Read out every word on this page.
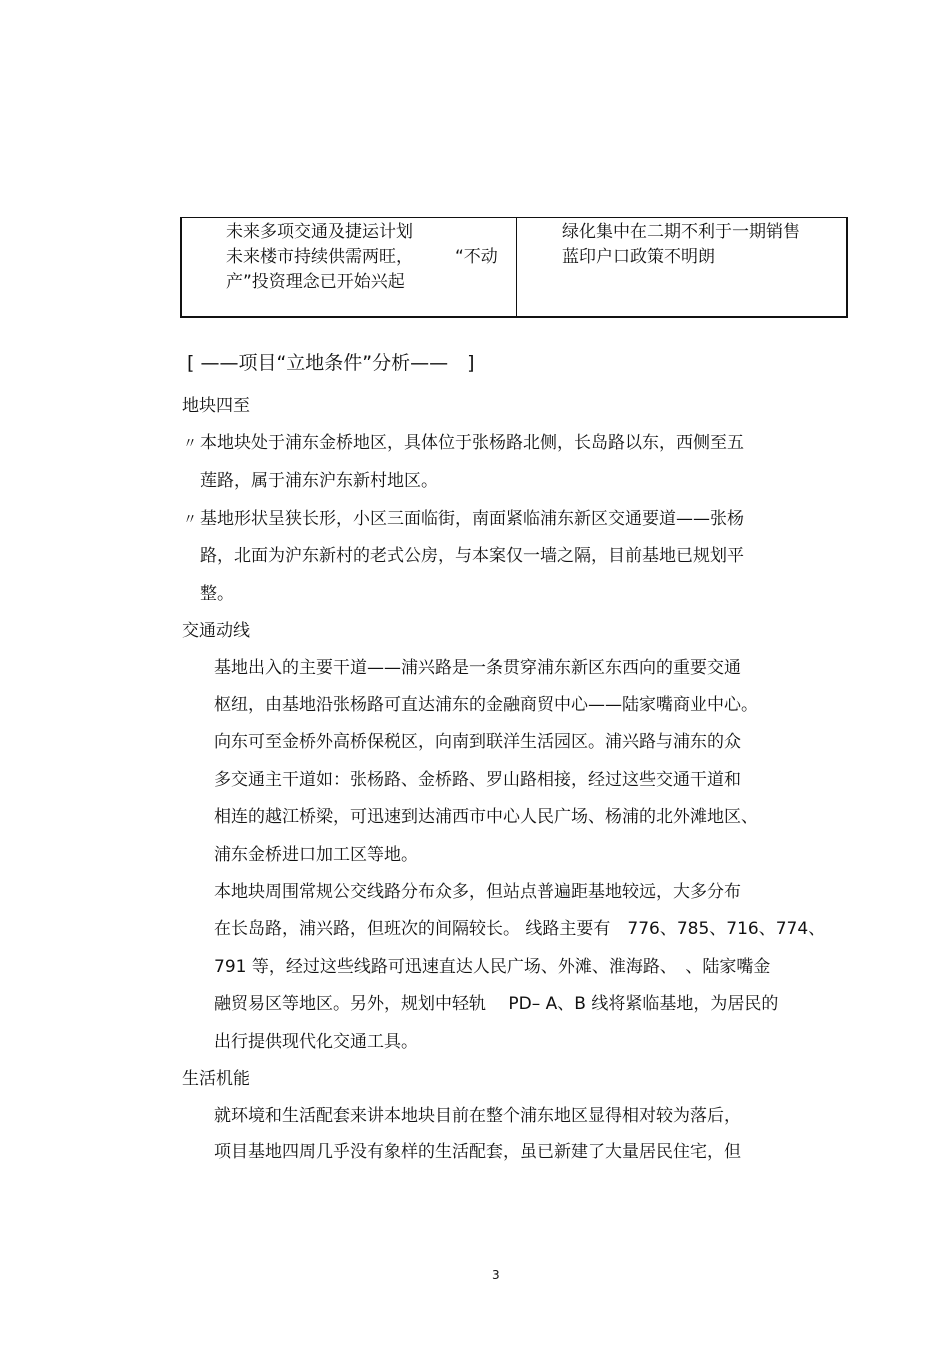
未来多项交通及捷运计划
未来楼市持续供需两旺， “不动
产”投资理念已开始兴起
绿化集中在二期不利于一期销售
蓝印户口政策不明朗
[ ——项目“立地条件”分析——　]
地块四至
〃 本地块处于浦东金桥地区，具体位于张杨路北侧，长岛路以东，西侧至五
莲路，属于浦东沪东新村地区。
〃 基地形状呈狭长形，小区三面临街，南面紧临浦东新区交通要道——张杨
路，北面为沪东新村的老式公房，与本案仅一墙之隔，目前基地已规划平
整。
交通动线
基地出入的主要干道——浦兴路是一条贯穿浦东新区东西向的重要交通
枢纽，由基地沿张杨路可直达浦东的金融商贸中心——陆家嘴商业中心。
向东可至金桥外高桥保税区，向南到联洋生活园区。浦兴路与浦东的众
多交通主干道如：张杨路、金桥路、罗山路相接，经过这些交通干道和
相连的越江桥梁，可迅速到达浦西市中心人民广场、杨浦的北外滩地区、
浦东金桥进口加工区等地。
本地块周围常规公交线路分布众多，但站点普遍距基地较远，大多分布
在长岛路，浦兴路，但班次的间隔较长。 线路主要有　776、785、716、774、
791 等，经过这些线路可迅速直达人民广场、外滩、淮海路、　、陆家嘴金
融贸易区等地区。另外，规划中轻轨　 PD– A、B 线将紧临基地，为居民的
出行提供现代化交通工具。
生活机能
就环境和生活配套来讲本地块目前在整个浦东地区显得相对较为落后，
项目基地四周几乎没有象样的生活配套，虽已新建了大量居民住宅，但
3
